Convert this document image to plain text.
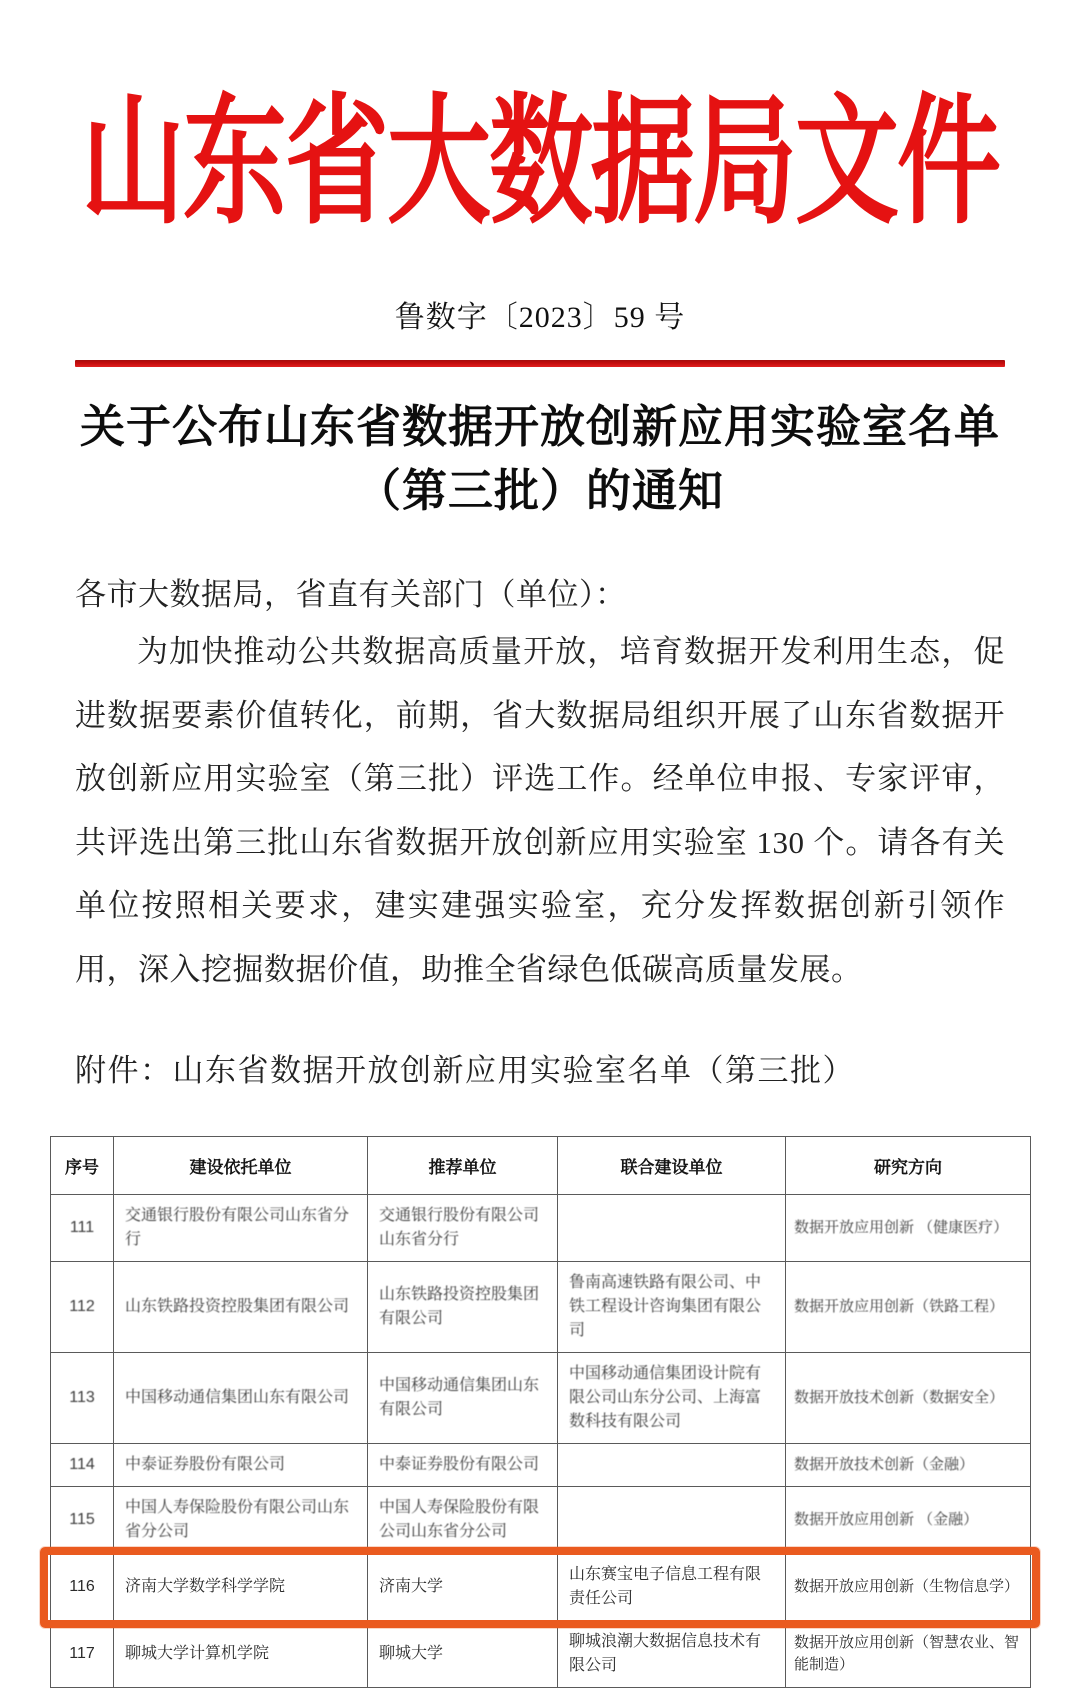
山东省大数据局文件
鲁数字〔2023〕59 号
关于公布山东省数据开放创新应用实验室名单
（第三批）的通知
各市大数据局，省直有关部门（单位）：
为加快推动公共数据高质量开放，培育数据开发利用生态，促进数据要素价值转化，前期，省大数据局组织开展了山东省数据开放创新应用实验室（第三批）评选工作。经单位申报、专家评审，共评选出第三批山东省数据开放创新应用实验室 130 个。请各有关单位按照相关要求，建实建强实验室，充分发挥数据创新引领作用，深入挖掘数据价值，助推全省绿色低碳高质量发展。
附件：山东省数据开放创新应用实验室名单（第三批）
序号	建设依托单位	推荐单位	联合建设单位	研究方向
111	交通银行股份有限公司山东省分行	交通银行股份有限公司山东省分行		数据开放应用创新 （健康医疗）
112	山东铁路投资控股集团有限公司	山东铁路投资控股集团有限公司	鲁南高速铁路有限公司、中铁工程设计咨询集团有限公司	数据开放应用创新（铁路工程）
113	中国移动通信集团山东有限公司	中国移动通信集团山东有限公司	中国移动通信集团设计院有限公司山东分公司、上海富数科技有限公司	数据开放技术创新（数据安全）
114	中泰证券股份有限公司	中泰证券股份有限公司		数据开放技术创新（金融）
115	中国人寿保险股份有限公司山东省分公司	中国人寿保险股份有限公司山东省分公司		数据开放应用创新 （金融）
116	济南大学数学科学学院	济南大学	山东赛宝电子信息工程有限责任公司	数据开放应用创新（生物信息学）
117	聊城大学计算机学院	聊城大学	聊城浪潮大数据信息技术有限公司	数据开放应用创新（智慧农业、智能制造）
